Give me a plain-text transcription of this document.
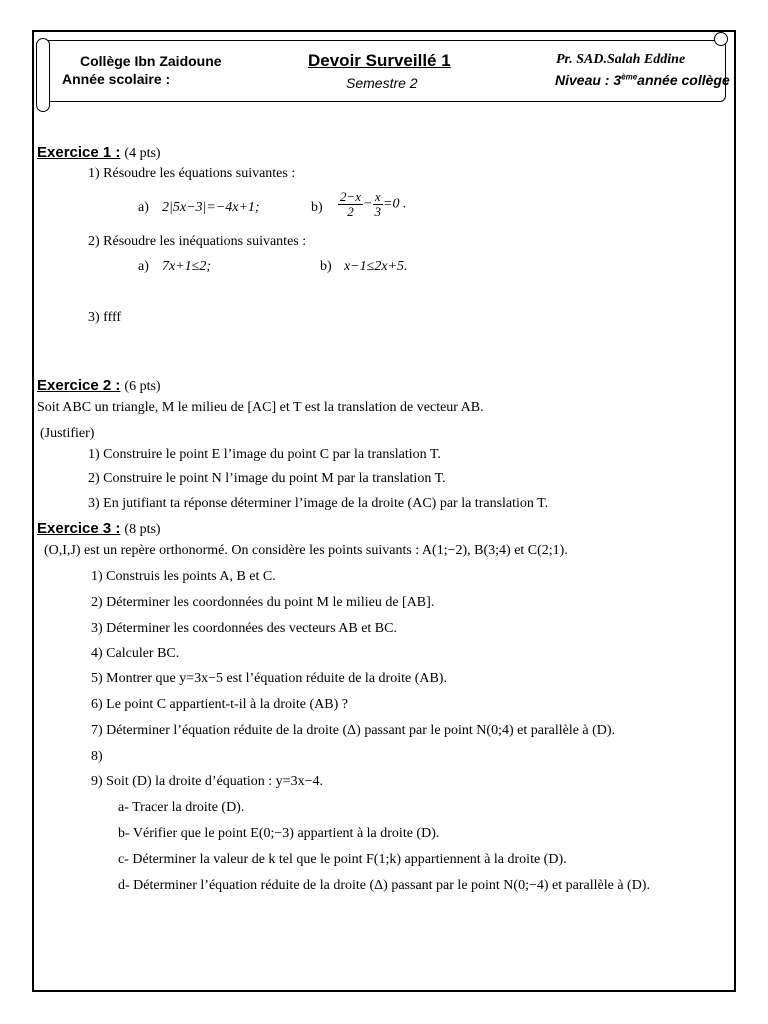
Collège Ibn Zaidoune
Année scolaire :
Devoir Surveillé 1
Semestre 2
Pr. SAD.Salah Eddine
Niveau : 3èmeannée collège
Exercice 1 : (4 pts)
1) Résoudre les équations suivantes :
a) 2|5x−3|=−4x+1;	$b) \frac{2-x}{2} - \frac{x}{3} =0$ .
2) Résoudre les inéquations suivantes :
a) 7x+1≤2;	b) x−1≤2x+5.
3) ffff
Exercice 2 : (6 pts)
Soit ABC un triangle, M le milieu de [AC] et T est la translation de vecteur AB.
(Justifier)
1) Construire le point E l’image du point C par la translation T.
2) Construire le point N l’image du point M par la translation T.
3) En jutifiant ta réponse déterminer l’image de la droite (AC) par la translation T.
Exercice 3 : (8 pts)
(O,I,J) est un repère orthonormé. On considère les points suivants : A(1;−2), B(3;4) et C(2;1).
1) Construis les points A, B et C.
2) Déterminer les coordonnées du point M le milieu de [AB].
3) Déterminer les coordonnées des vecteurs AB et BC.
4) Calculer BC.
5) Montrer que y=3x−5 est l’équation réduite de la droite (AB).
6) Le point C appartient-t-il à la droite (AB) ?
7) Déterminer l’équation réduite de la droite (Δ) passant par le point N(0;4) et parallèle à (D).
8)
9) Soit (D) la droite d’équation : y=3x−4.
a- Tracer la droite (D).
b- Vérifier que le point E(0;−3) appartient à la droite (D).
c- Déterminer la valeur de k tel que le point F(1;k) appartiennent à la droite (D).
d- Déterminer l’équation réduite de la droite (Δ) passant par le point N(0;−4) et parallèle à (D).
